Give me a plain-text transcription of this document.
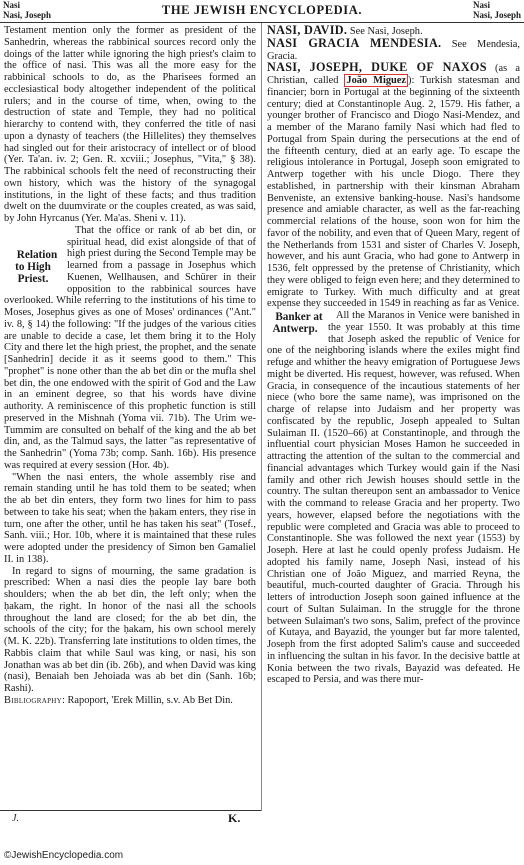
Nasi
Nasi, Joseph	THE JEWISH ENCYCLOPEDIA.	Nasi
Nasi, Joseph

Testament mention only the former as president of the Sanhedrin, whereas the rabbinical sources record only the doings of the latter while ignoring the high priest's claim to the office of nasi. This was all the more easy for the rabbinical schools to do, as the Pharisees formed an ecclesiastical body altogether independent of the political rulers; and in the course of time, when, owing to the destruction of state and Temple, they had no political hierarchy to contend with, they conferred the title of nasi upon a dynasty of teachers (the Hillelites) they themselves had singled out for their aristocracy of intellect or of blood (Yer. Ta'an. iv. 2; Gen. R. xcviii.; Josephus, "Vita," § 38). The rabbinical schools felt the need of reconstructing their own history, which was the history of the synagogal institutions, in the light of these facts; and thus tradition dwelt on the duumvirate or the couples created, as was said, by John Hyrcanus (Yer. Ma'as. Sheni v. 11).

Relation to High Priest.
That the office or rank of ab bet din, or spiritual head, did exist alongside of that of high priest during the Second Temple may be learned from a passage in Josephus which Kuenen, Wellhausen, and Schürer in their opposition to the rabbinical sources have overlooked. While referring to the institutions of his time to Moses, Josephus gives as one of Moses' ordinances ("Ant." iv. 8, § 14) the following: "If the judges of the various cities are unable to decide a case, let them bring it to the Holy City and there let the high priest, the prophet, and the senate [Sanhedrin] decide it as it seems good to them." This "prophet" is none other than the ab bet din or the mufla shel bet din, the one endowed with the spirit of God and the Law in an eminent degree, so that his words have divine authority. A reminiscence of this prophetic function is still preserved in the Mishnah (Yoma vii. 71b). The Urim we-Tummim are consulted on behalf of the king and the ab bet din, and, as the Talmud says, the latter "as representative of the Sanhedrin" (Yoma 73b; comp. Sanh. 16b). His presence was required at every session (Hor. 4b).

"When the nasi enters, the whole assembly rise and remain standing until he has told them to be seated; when the ab bet din enters, they form two lines for him to pass between to take his seat; when the ḥakam enters, they rise in turn, one after the other, until he has taken his seat" (Tosef., Sanh. viii.; Hor. 10b, where it is maintained that these rules were adopted under the presidency of Simon ben Gamaliel II. in 138).

In regard to signs of mourning, the same gradation is prescribed: When a nasi dies the people lay bare both shoulders; when the ab bet din, the left only; when the ḥakam, the right. In honor of the nasi all the schools throughout the land are closed; for the ab bet din, the schools of the city; for the ḥakam, his own school merely (M. K. 22b). Transferring late institutions to olden times, the Rabbis claim that while Saul was king, or nasi, his son Jonathan was ab bet din (ib. 26b), and when David was king (nasi), Benaiah ben Jehoiada was ab bet din (Sanh. 16b; Rashi).

Bibliography: Rapoport, 'Erek Millin, s.v. Ab Bet Din.

J.	K.

NASI, DAVID. See Nasi, Joseph.

NASI GRACIA MENDESIA. See Mendesia, Gracia.

NASI, JOSEPH, DUKE OF NAXOS (as a Christian, called João Miguez ): Turkish statesman and financier; born in Portugal at the beginning of the sixteenth century; died at Constantinople Aug. 2, 1579. His father, a younger brother of Francisco and Diogo Nasi-Mendez, and a member of the Marano family Nasi which had fled to Portugal from Spain during the persecutions at the end of the fifteenth century, died at an early age. To escape the religious intolerance in Portugal, Joseph soon emigrated to Antwerp together with his uncle Diogo. There they established, in partnership with their kinsman Abraham Benveniste, an extensive banking-house. Nasi's handsome presence and amiable character, as well as the far-reaching commercial relations of the house, soon won for him the favor of the nobility, and even that of Queen Mary, regent of the Netherlands from 1531 and sister of Charles V. Joseph, however, and his aunt Gracia, who had gone to Antwerp in 1536, felt oppressed by the pretense of Christianity, which they were obliged to feign even here; and they determined to emigrate to Turkey. With much difficulty and at great expense they succeeded in 1549 in reaching as far as Venice.

Banker at Antwerp.
All the Maranos in Venice were banished in the year 1550. It was probably at this time that Joseph asked the republic of Venice for one of the neighboring islands where the exiles might find refuge and whither the heavy emigration of Portuguese Jews might be diverted. His request, however, was refused. When Gracia, in consequence of the incautious statements of her niece (who bore the same name), was imprisoned on the charge of relapse into Judaism and her property was confiscated by the republic, Joseph appealed to Sultan Sulaiman II. (1520–66) at Constantinople, and through the influential court physician Moses Hamon he succeeded in attracting the attention of the sultan to the commercial and financial advantages which Turkey would gain if the Nasi family and other rich Jewish houses should settle in the country. The sultan thereupon sent an ambassador to Venice with the command to release Gracia and her property. Two years, however, elapsed before the negotiations with the republic were completed and Gracia was able to proceed to Constantinople. She was followed the next year (1553) by Joseph. Here at last he could openly profess Judaism. He adopted his family name, Joseph Nasi, instead of his Christian one of João Miguez, and married Reyna, the beautiful, much-courted daughter of Gracia. Through his letters of introduction Joseph soon gained influence at the court of Sultan Sulaiman. In the struggle for the throne between Sulaiman's two sons, Salim, prefect of the province of Kutaya, and Bayazid, the younger but far more talented, Joseph from the first adopted Salim's cause and succeeded in influencing the sultan in his favor. In the decisive battle at Konia between the two rivals, Bayazid was defeated. He escaped to Persia, and was there mur-

©JewishEncyclopedia.com
